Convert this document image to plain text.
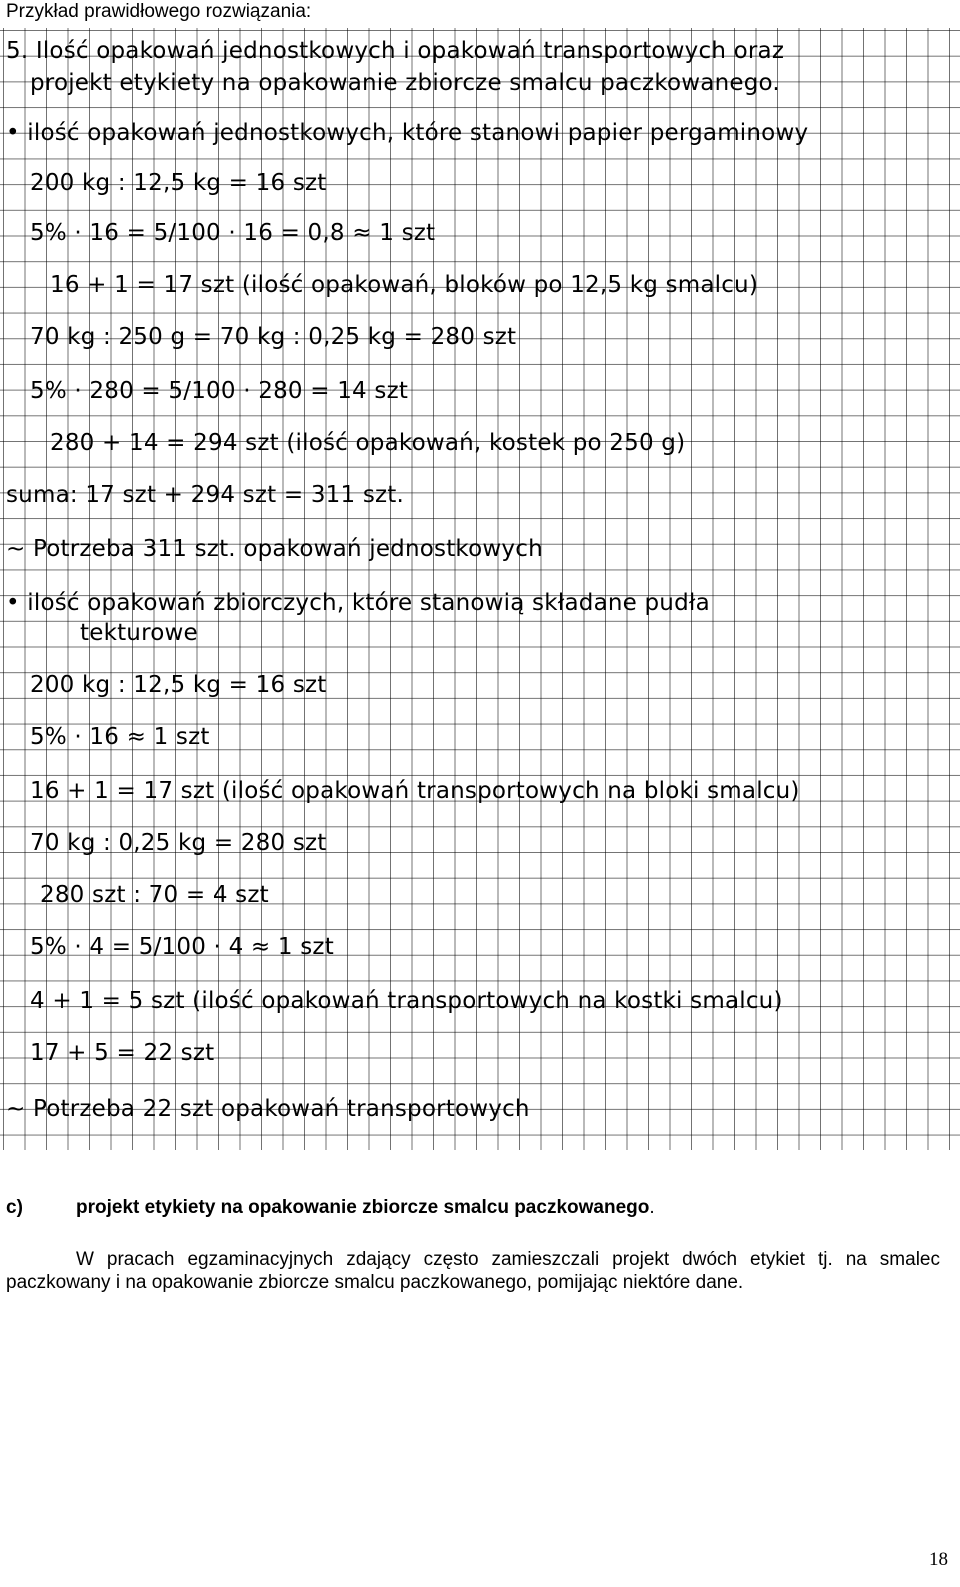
Przykład prawidłowego rozwiązania:
5. Ilość opakowań jednostkowych i opakowań transportowych oraz
projekt etykiety na opakowanie zbiorcze smalcu paczkowanego.
• ilość opakowań jednostkowych, które stanowi papier pergaminowy
200 kg : 12,5 kg = 16 szt
5% · 16 = 5/100 · 16 = 0,8 ≈ 1 szt
16 + 1 = 17 szt (ilość opakowań, bloków po 12,5 kg smalcu)
70 kg : 250 g = 70 kg : 0,25 kg = 280 szt
5% · 280 = 5/100 · 280 = 14 szt
280 + 14 = 294 szt (ilość opakowań, kostek po 250 g)
suma: 17 szt + 294 szt = 311 szt.
~ Potrzeba 311 szt. opakowań jednostkowych
• ilość opakowań zbiorczych, które stanowią składane pudła
tekturowe
200 kg : 12,5 kg = 16 szt
5% · 16 ≈ 1 szt
16 + 1 = 17 szt (ilość opakowań transportowych na bloki smalcu)
70 kg : 0,25 kg = 280 szt
280 szt : 70 = 4 szt
5% · 4 = 5/100 · 4 ≈ 1 szt
4 + 1 = 5 szt (ilość opakowań transportowych na kostki smalcu)
17 + 5 = 22 szt
~ Potrzeba 22 szt opakowań transportowych
c)	projekt etykiety na opakowanie zbiorcze smalcu paczkowanego.
W pracach egzaminacyjnych zdający często zamieszczali projekt dwóch etykiet tj. na smalec paczkowany i na opakowanie zbiorcze smalcu paczkowanego, pomijając niektóre dane.
18
